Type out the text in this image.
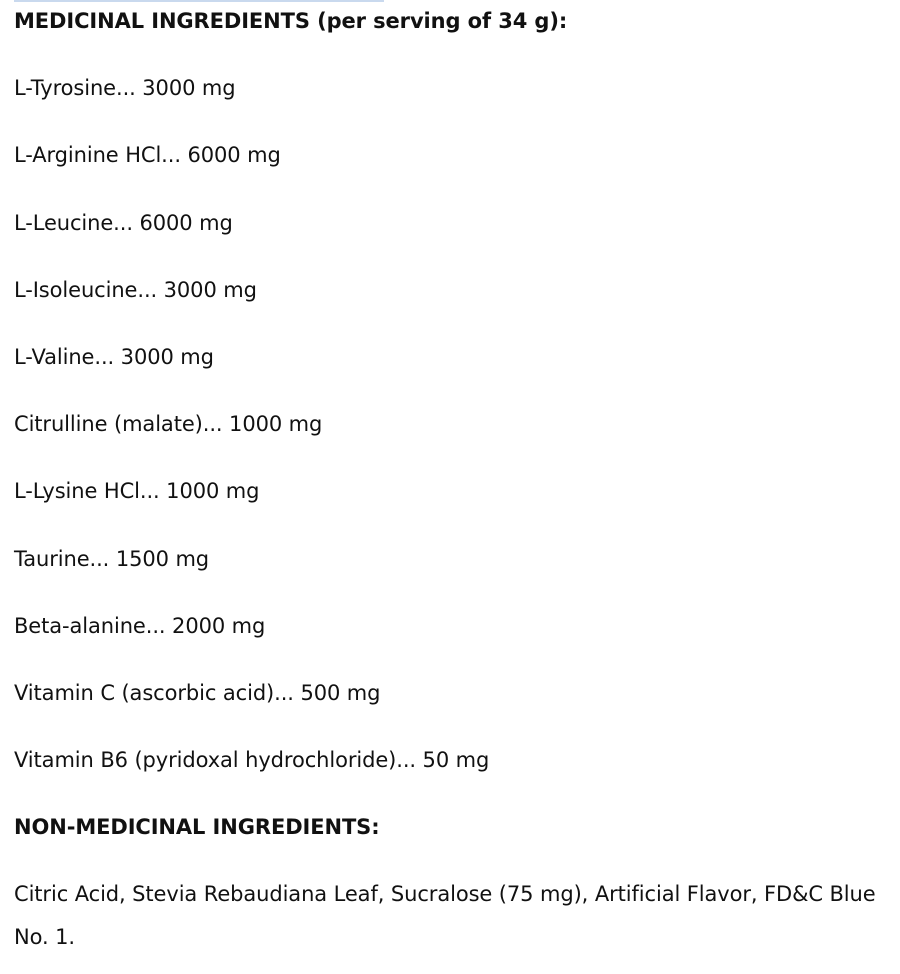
MEDICINAL INGREDIENTS (per serving of 34 g):
L-Tyrosine... 3000 mg
L-Arginine HCl... 6000 mg
L-Leucine... 6000 mg
L-Isoleucine... 3000 mg
L-Valine... 3000 mg
Citrulline (malate)... 1000 mg
L-Lysine HCl... 1000 mg
Taurine... 1500 mg
Beta-alanine... 2000 mg
Vitamin C (ascorbic acid)... 500 mg
Vitamin B6 (pyridoxal hydrochloride)... 50 mg
NON-MEDICINAL INGREDIENTS:
Citric Acid, Stevia Rebaudiana Leaf, Sucralose (75 mg), Artificial Flavor, FD&C Blue No. 1.
